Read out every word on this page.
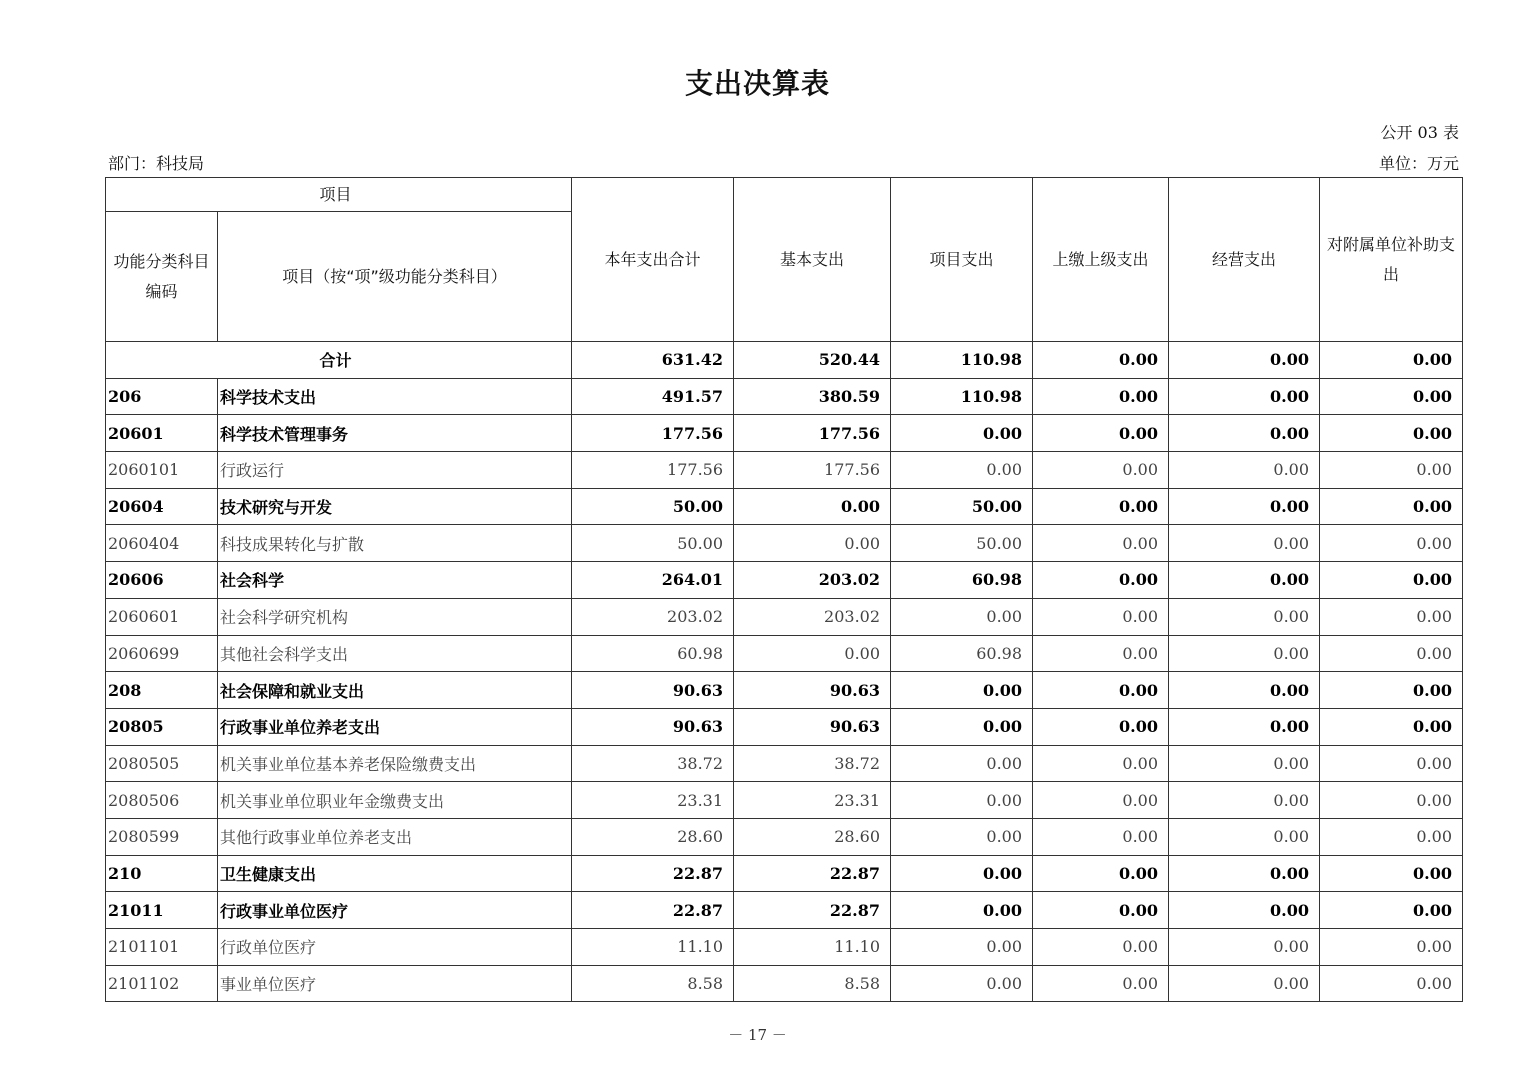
支出决算表
公开 03 表
部门：科技局	单位：万元
项目		本年支出合计	基本支出	项目支出	上缴上级支出	经营支出	对附属单位补助支出
功能分类科目编码	项目（按“项”级功能分类科目）						
合计		631.42	520.44	110.98	0.00	0.00	0.00
206	科学技术支出	491.57	380.59	110.98	0.00	0.00	0.00
20601	科学技术管理事务	177.56	177.56	0.00	0.00	0.00	0.00
2060101	行政运行	177.56	177.56	0.00	0.00	0.00	0.00
20604	技术研究与开发	50.00	0.00	50.00	0.00	0.00	0.00
2060404	科技成果转化与扩散	50.00	0.00	50.00	0.00	0.00	0.00
20606	社会科学	264.01	203.02	60.98	0.00	0.00	0.00
2060601	社会科学研究机构	203.02	203.02	0.00	0.00	0.00	0.00
2060699	其他社会科学支出	60.98	0.00	60.98	0.00	0.00	0.00
208	社会保障和就业支出	90.63	90.63	0.00	0.00	0.00	0.00
20805	行政事业单位养老支出	90.63	90.63	0.00	0.00	0.00	0.00
2080505	机关事业单位基本养老保险缴费支出	38.72	38.72	0.00	0.00	0.00	0.00
2080506	机关事业单位职业年金缴费支出	23.31	23.31	0.00	0.00	0.00	0.00
2080599	其他行政事业单位养老支出	28.60	28.60	0.00	0.00	0.00	0.00
210	卫生健康支出	22.87	22.87	0.00	0.00	0.00	0.00
21011	行政事业单位医疗	22.87	22.87	0.00	0.00	0.00	0.00
2101101	行政单位医疗	11.10	11.10	0.00	0.00	0.00	0.00
2101102	事业单位医疗	8.58	8.58	0.00	0.00	0.00	0.00
－ 17 －
